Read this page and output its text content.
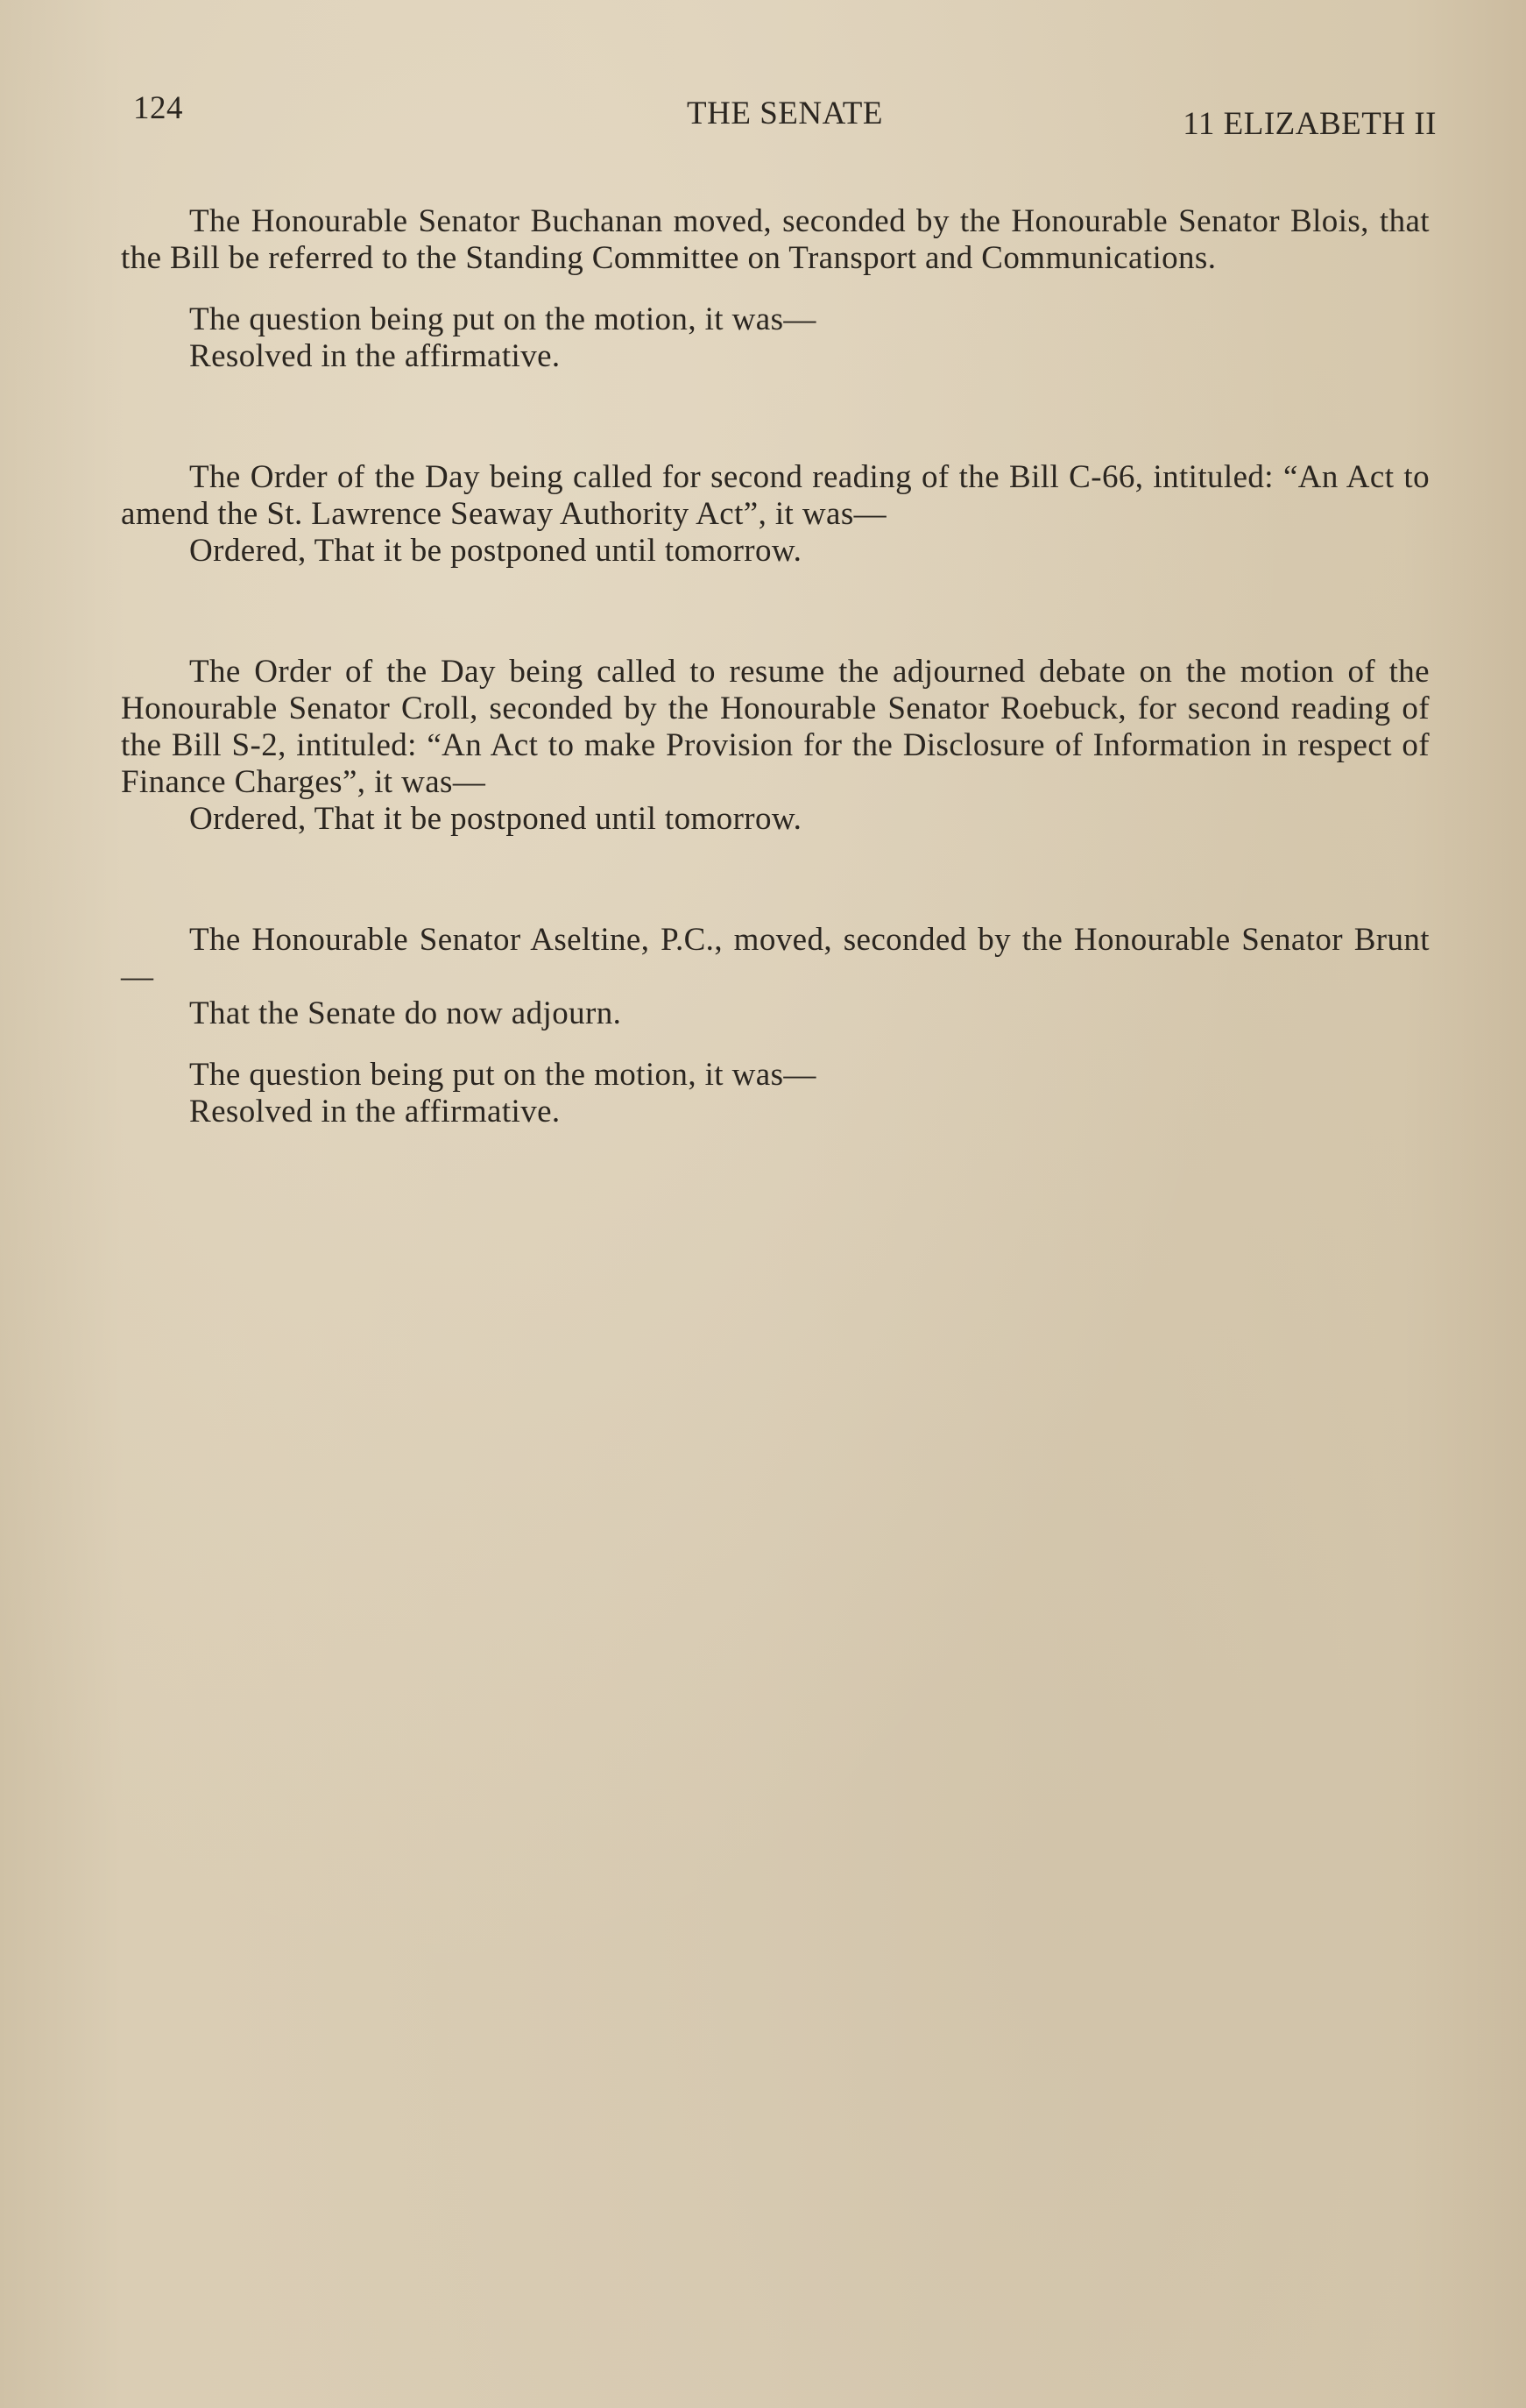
124	THE SENATE	11 ELIZABETH II

The Honourable Senator Buchanan moved, seconded by the Honourable Senator Blois, that the Bill be referred to the Standing Committee on Transport and Communications.

The question being put on the motion, it was—

Resolved in the affirmative.

The Order of the Day being called for second reading of the Bill C-66, intituled: “An Act to amend the St. Lawrence Seaway Authority Act”, it was—

Ordered, That it be postponed until tomorrow.

The Order of the Day being called to resume the adjourned debate on the motion of the Honourable Senator Croll, seconded by the Honourable Senator Roebuck, for second reading of the Bill S-2, intituled: “An Act to make Provision for the Disclosure of Information in respect of Finance Charges”, it was—

Ordered, That it be postponed until tomorrow.

The Honourable Senator Aseltine, P.C., moved, seconded by the Honourable Senator Brunt—

That the Senate do now adjourn.

The question being put on the motion, it was—

Resolved in the affirmative.
